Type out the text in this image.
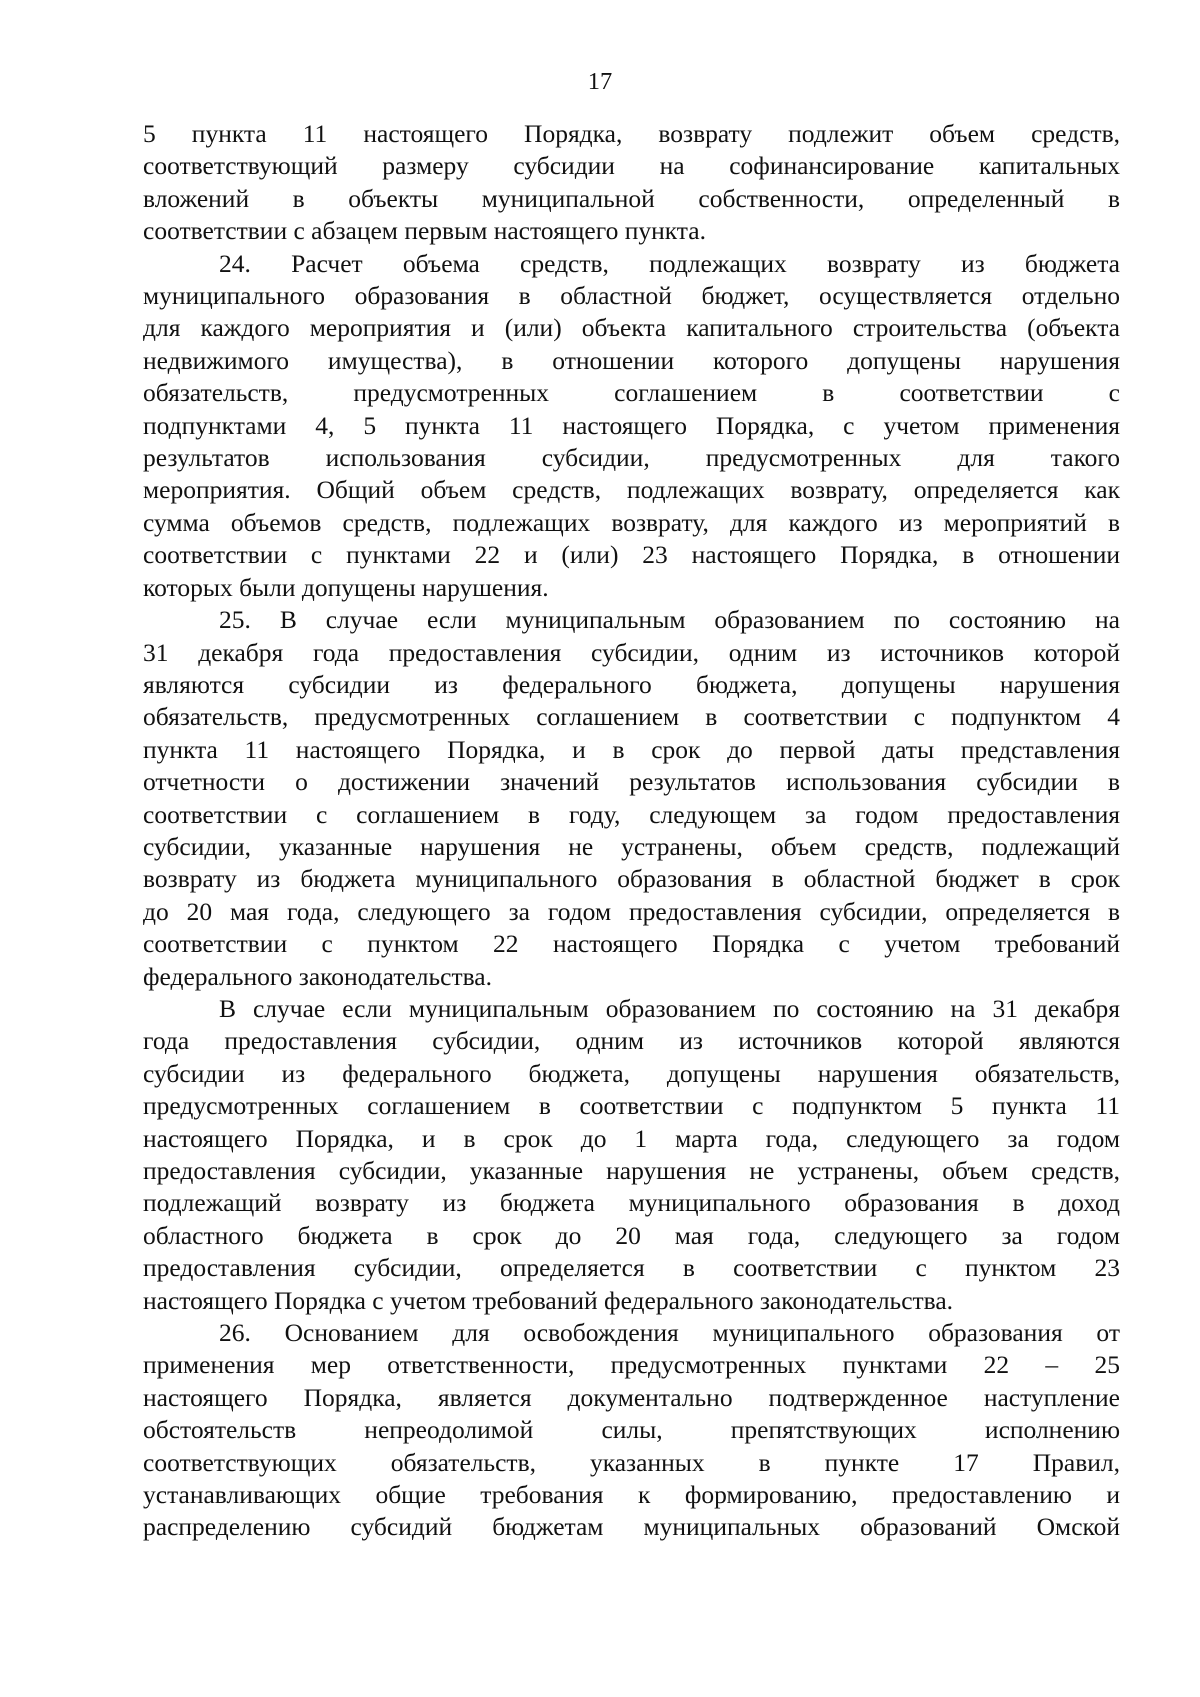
17
5 пункта 11 настоящего Порядка, возврату подлежит объем средств,
соответствующий размеру субсидии на софинансирование капитальных
вложений в объекты муниципальной собственности, определенный в
соответствии с абзацем первым настоящего пункта.
24. Расчет объема средств, подлежащих возврату из бюджета
муниципального образования в областной бюджет, осуществляется отдельно
для каждого мероприятия и (или) объекта капитального строительства (объекта
недвижимого имущества), в отношении которого допущены нарушения
обязательств, предусмотренных соглашением в соответствии с
подпунктами 4, 5 пункта 11 настоящего Порядка, с учетом применения
результатов использования субсидии, предусмотренных для такого
мероприятия. Общий объем средств, подлежащих возврату, определяется как
сумма объемов средств, подлежащих возврату, для каждого из мероприятий в
соответствии с пунктами 22 и (или) 23 настоящего Порядка, в отношении
которых были допущены нарушения.
25. В случае если муниципальным образованием по состоянию на
31 декабря года предоставления субсидии, одним из источников которой
являются субсидии из федерального бюджета, допущены нарушения
обязательств, предусмотренных соглашением в соответствии с подпунктом 4
пункта 11 настоящего Порядка, и в срок до первой даты представления
отчетности о достижении значений результатов использования субсидии в
соответствии с соглашением в году, следующем за годом предоставления
субсидии, указанные нарушения не устранены, объем средств, подлежащий
возврату из бюджета муниципального образования в областной бюджет в срок
до 20 мая года, следующего за годом предоставления субсидии, определяется в
соответствии с пунктом 22 настоящего Порядка с учетом требований
федерального законодательства.
В случае если муниципальным образованием по состоянию на 31 декабря
года предоставления субсидии, одним из источников которой являются
субсидии из федерального бюджета, допущены нарушения обязательств,
предусмотренных соглашением в соответствии с подпунктом 5 пункта 11
настоящего Порядка, и в срок до 1 марта года, следующего за годом
предоставления субсидии, указанные нарушения не устранены, объем средств,
подлежащий возврату из бюджета муниципального образования в доход
областного бюджета в срок до 20 мая года, следующего за годом
предоставления субсидии, определяется в соответствии с пунктом 23
настоящего Порядка с учетом требований федерального законодательства.
26. Основанием для освобождения муниципального образования от
применения мер ответственности, предусмотренных пунктами 22 – 25
настоящего Порядка, является документально подтвержденное наступление
обстоятельств непреодолимой силы, препятствующих исполнению
соответствующих обязательств, указанных в пункте 17 Правил,
устанавливающих общие требования к формированию, предоставлению и
распределению субсидий бюджетам муниципальных образований Омской
